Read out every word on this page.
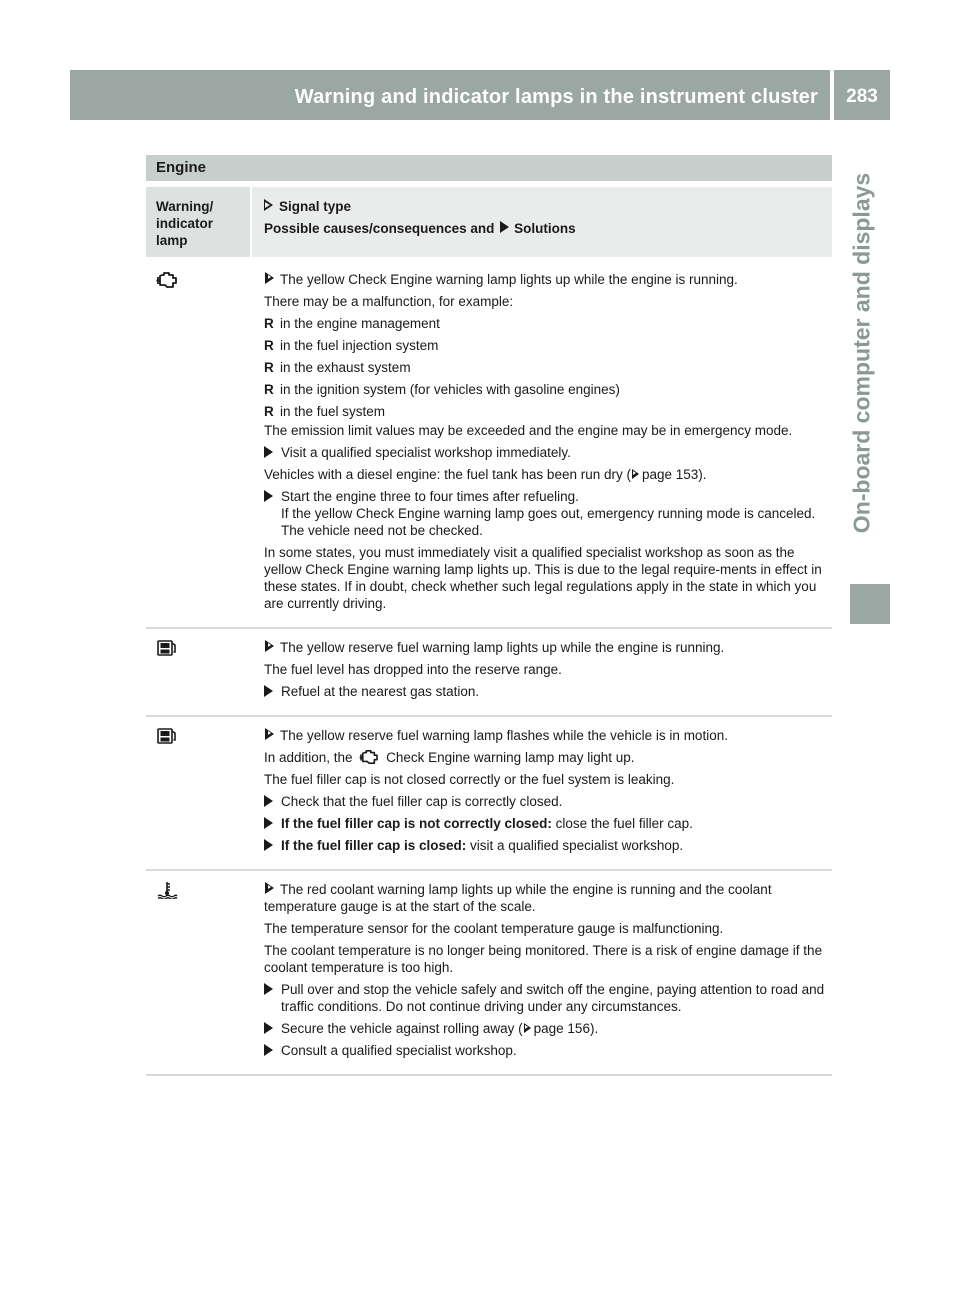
Warning and indicator lamps in the instrument cluster	283
On-board computer and displays
Engine
Warning/
indicator
lamp
Signal type
Possible causes/consequences and Solutions
The yellow Check Engine warning lamp lights up while the engine is running.
There may be a malfunction, for example:
R in the engine management
R in the fuel injection system
R in the exhaust system
R in the ignition system (for vehicles with gasoline engines)
R in the fuel system
The emission limit values may be exceeded and the engine may be in emergency mode.
Visit a qualified specialist workshop immediately.
Vehicles with a diesel engine: the fuel tank has been run dry ( page 153).
Start the engine three to four times after refueling.
If the yellow Check Engine warning lamp goes out, emergency running mode is canceled. The vehicle need not be checked.
In some states, you must immediately visit a qualified specialist workshop as soon as the yellow Check Engine warning lamp lights up. This is due to the legal require-ments in effect in these states. If in doubt, check whether such legal regulations apply in the state in which you are currently driving.
The yellow reserve fuel warning lamp lights up while the engine is running.
The fuel level has dropped into the reserve range.
Refuel at the nearest gas station.
The yellow reserve fuel warning lamp flashes while the vehicle is in motion.
In addition, the Check Engine warning lamp may light up.
The fuel filler cap is not closed correctly or the fuel system is leaking.
Check that the fuel filler cap is correctly closed.
If the fuel filler cap is not correctly closed: close the fuel filler cap.
If the fuel filler cap is closed: visit a qualified specialist workshop.
The red coolant warning lamp lights up while the engine is running and the coolant temperature gauge is at the start of the scale.
The temperature sensor for the coolant temperature gauge is malfunctioning.
The coolant temperature is no longer being monitored. There is a risk of engine damage if the coolant temperature is too high.
Pull over and stop the vehicle safely and switch off the engine, paying attention to road and traffic conditions. Do not continue driving under any circumstances.
Secure the vehicle against rolling away ( page 156).
Consult a qualified specialist workshop.
